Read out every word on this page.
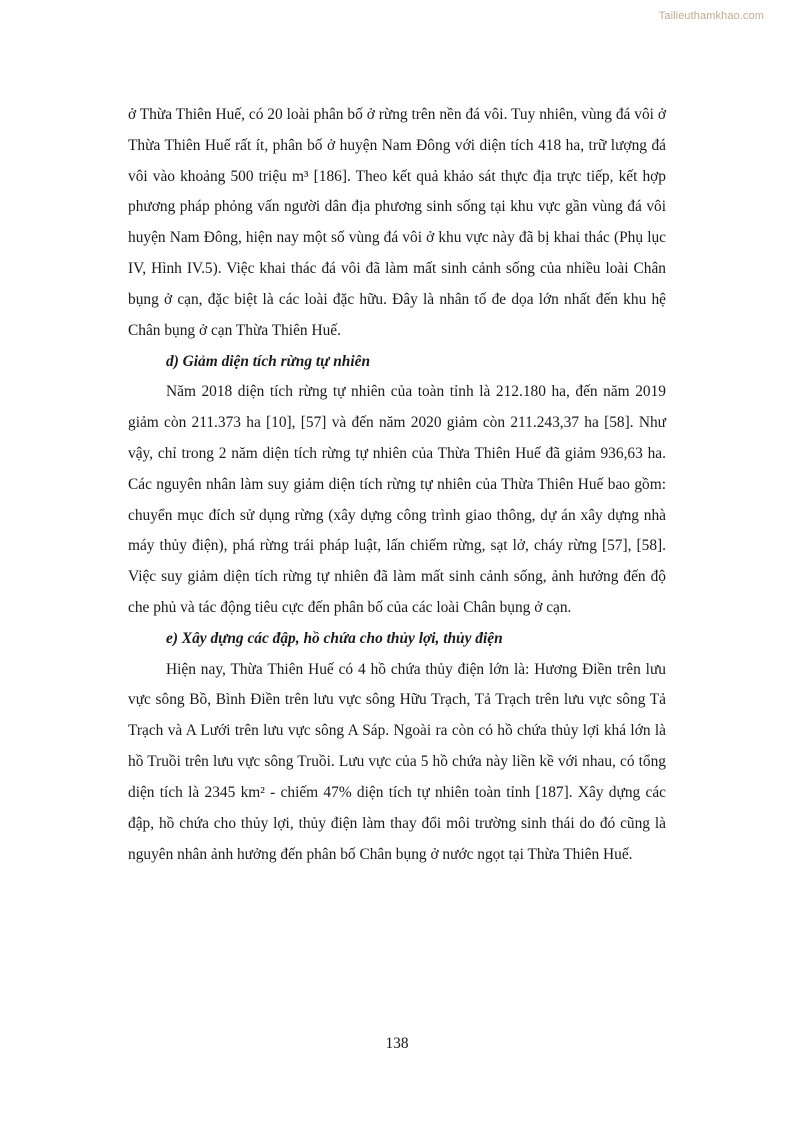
Tailieuthamkhao.com

ở Thừa Thiên Huế, có 20 loài phân bố ở rừng trên nền đá vôi. Tuy nhiên, vùng đá vôi ở Thừa Thiên Huế rất ít, phân bố ở huyện Nam Đông với diện tích 418 ha, trữ lượng đá vôi vào khoảng 500 triệu m³ [186]. Theo kết quả khảo sát thực địa trực tiếp, kết hợp phương pháp phỏng vấn người dân địa phương sinh sống tại khu vực gần vùng đá vôi huyện Nam Đông, hiện nay một số vùng đá vôi ở khu vực này đã bị khai thác (Phụ lục IV, Hình IV.5). Việc khai thác đá vôi đã làm mất sinh cảnh sống của nhiều loài Chân bụng ở cạn, đặc biệt là các loài đặc hữu. Đây là nhân tố đe dọa lớn nhất đến khu hệ Chân bụng ở cạn Thừa Thiên Huế.

d) Giảm diện tích rừng tự nhiên

Năm 2018 diện tích rừng tự nhiên của toàn tỉnh là 212.180 ha, đến năm 2019 giảm còn 211.373 ha [10], [57] và đến năm 2020 giảm còn 211.243,37 ha [58]. Như vậy, chỉ trong 2 năm diện tích rừng tự nhiên của Thừa Thiên Huế đã giảm 936,63 ha. Các nguyên nhân làm suy giảm diện tích rừng tự nhiên của Thừa Thiên Huế bao gồm: chuyển mục đích sử dụng rừng (xây dựng công trình giao thông, dự án xây dựng nhà máy thủy điện), phá rừng trái pháp luật, lấn chiếm rừng, sạt lở, cháy rừng [57], [58]. Việc suy giảm diện tích rừng tự nhiên đã làm mất sinh cảnh sống, ảnh hưởng đến độ che phủ và tác động tiêu cực đến phân bố của các loài Chân bụng ở cạn.

e) Xây dựng các đập, hồ chứa cho thủy lợi, thủy điện

Hiện nay, Thừa Thiên Huế có 4 hồ chứa thủy điện lớn là: Hương Điền trên lưu vực sông Bồ, Bình Điền trên lưu vực sông Hữu Trạch, Tả Trạch trên lưu vực sông Tả Trạch và A Lưới trên lưu vực sông A Sáp. Ngoài ra còn có hồ chứa thủy lợi khá lớn là hồ Truồi trên lưu vực sông Truồi. Lưu vực của 5 hồ chứa này liền kề với nhau, có tổng diện tích là 2345 km² - chiếm 47% diện tích tự nhiên toàn tỉnh [187]. Xây dựng các đập, hồ chứa cho thủy lợi, thủy điện làm thay đổi môi trường sinh thái do đó cũng là nguyên nhân ảnh hưởng đến phân bố Chân bụng ở nước ngọt tại Thừa Thiên Huế.

138
